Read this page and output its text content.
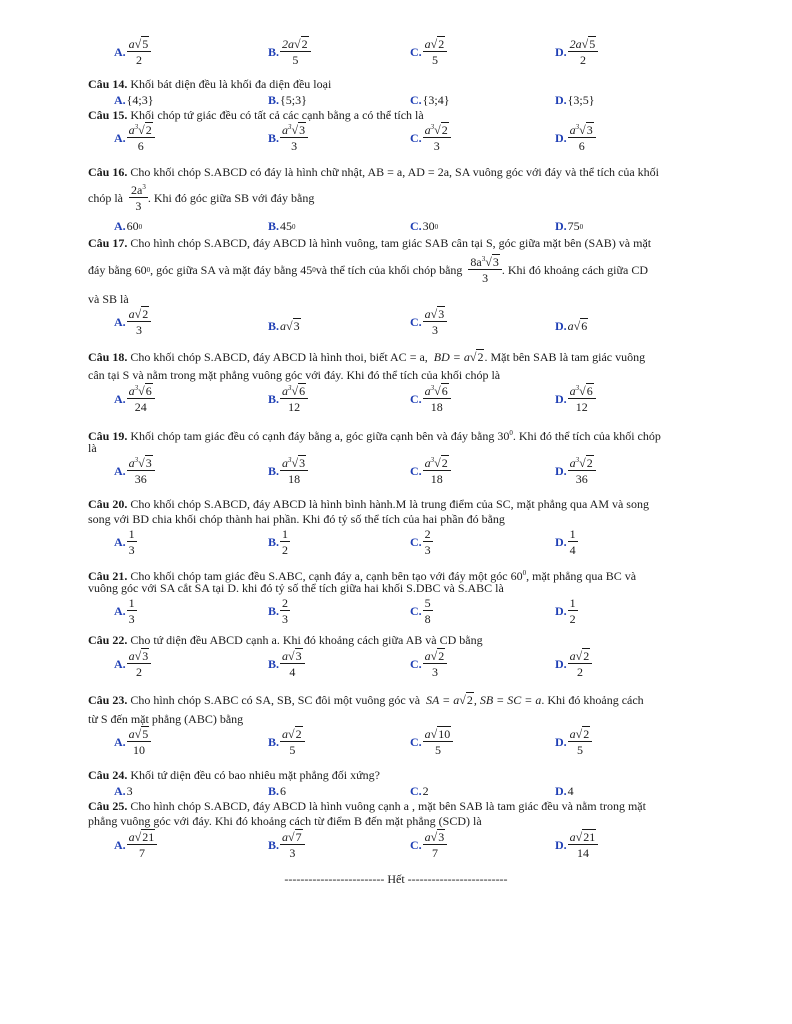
A. $\frac{a√5}{2}$	B. $\frac{2a√2}{5}$	C. $\frac{a√2}{5}$	D. $\frac{2a√5}{2}$
Câu 14. Khối bát diện đều là khối đa diện đều loại
A. {4;3}	B. {5;3}	C. {3;4}	D. {3;5}
Câu 15. Khối chóp tứ giác đều có tất cả các cạnh bằng a có thể tích là
A. $\frac{a^3√2}{6}$	B. $\frac{a^3√3}{3}$	C. $\frac{a^3√2}{3}$	D. $\frac{a^3√3}{6}$
Câu 16. Cho khối chóp S.ABCD có đáy là hình chữ nhật, AB = a, AD = 2a, SA vuông góc với đáy và thể tích của khối
chóp là
$\frac{2a^3}{3}$ . Khi đó góc giữa SB với đáy bằng
A. 60 0	B. 45 0	C. 30 0	D. 75 0
Câu 17. Cho hình chóp S.ABCD, đáy ABCD là hình vuông, tam giác SAB cân tại S, góc giữa mặt bên (SAB) và mặt
đáy bằng 60 0 , góc giữa SA và mặt đáy bằng 45 0 và thể tích của khối chóp bằng
$\frac{8a^3√3}{3}$ . Khi đó khoảng cách giữa CD
và SB là
A. $\frac{a√2}{3}$	B. a √ 3	C. $\frac{a√3}{3}$	D. a √ 6
Câu 18. Cho khối chóp S.ABCD, đáy ABCD là hình thoi, biết AC = a, BD = a√2. Mặt bên SAB là tam giác vuông
cân tại S và nằm trong mặt phẳng vuông góc với đáy. Khi đó thể tích của khối chóp là
A. $\frac{a^3√6}{24}$	B. $\frac{a^3√6}{12}$	C. $\frac{a^3√6}{18}$	D. $\frac{a^3√6}{12}$
Câu 19. Khối chóp tam giác đều có cạnh đáy bằng a, góc giữa cạnh bên và đáy bằng $30^0$. Khi đó thể tích của khối chóp
là
A. $\frac{a^3√3}{36}$	B. $\frac{a^3√3}{18}$	C. $\frac{a^3√2}{18}$	D. $\frac{a^3√2}{36}$
Câu 20. Cho khối chóp S.ABCD, đáy ABCD là hình bình hành.M là trung điểm của SC, mặt phẳng qua AM và song
song với BD chia khối chóp thành hai phần. Khi đó tỷ số thể tích của hai phần đó bằng
A. $\frac{1}{3}$	B. $\frac{1}{2}$	C. $\frac{2}{3}$	D. $\frac{1}{4}$
Câu 21. Cho khối chóp tam giác đều S.ABC, cạnh đáy a, cạnh bên tạo với đáy một góc $60^0$, mặt phẳng qua BC và
vuông góc với SA cắt SA tại D. khi đó tỷ số thể tích giữa hai khối S.DBC và S.ABC là
A. $\frac{1}{3}$	B. $\frac{2}{3}$	C. $\frac{5}{8}$	D. $\frac{1}{2}$
Câu 22. Cho tứ diện đều ABCD cạnh a. Khi đó khoảng cách giữa AB và CD bằng
A. $\frac{a√3}{2}$	B. $\frac{a√3}{4}$	C. $\frac{a√2}{3}$	D. $\frac{a√2}{2}$
Câu 23. Cho hình chóp S.ABC có SA, SB, SC đôi một vuông góc và SA = a√2, SB = SC = a. Khi đó khoảng cách
từ S đến mặt phẳng (ABC) bằng
A. $\frac{a√5}{10}$	B. $\frac{a√2}{5}$	C. $\frac{a√10}{5}$	D. $\frac{a√2}{5}$
Câu 24. Khối tứ diện đều có bao nhiêu mặt phẳng đối xứng?
A. 3	B. 6	C. 2	D. 4
Câu 25. Cho hình chóp S.ABCD, đáy ABCD là hình vuông cạnh a , mặt bên SAB là tam giác đều và nằm trong mặt
phẳng vuông góc với đáy. Khi đó khoảng cách từ điểm B đến mặt phẳng (SCD) là
A. $\frac{a√21}{7}$	B. $\frac{a√7}{3}$	C. $\frac{a√3}{7}$	D. $\frac{a√21}{14}$
------------------------- Hết -------------------------
